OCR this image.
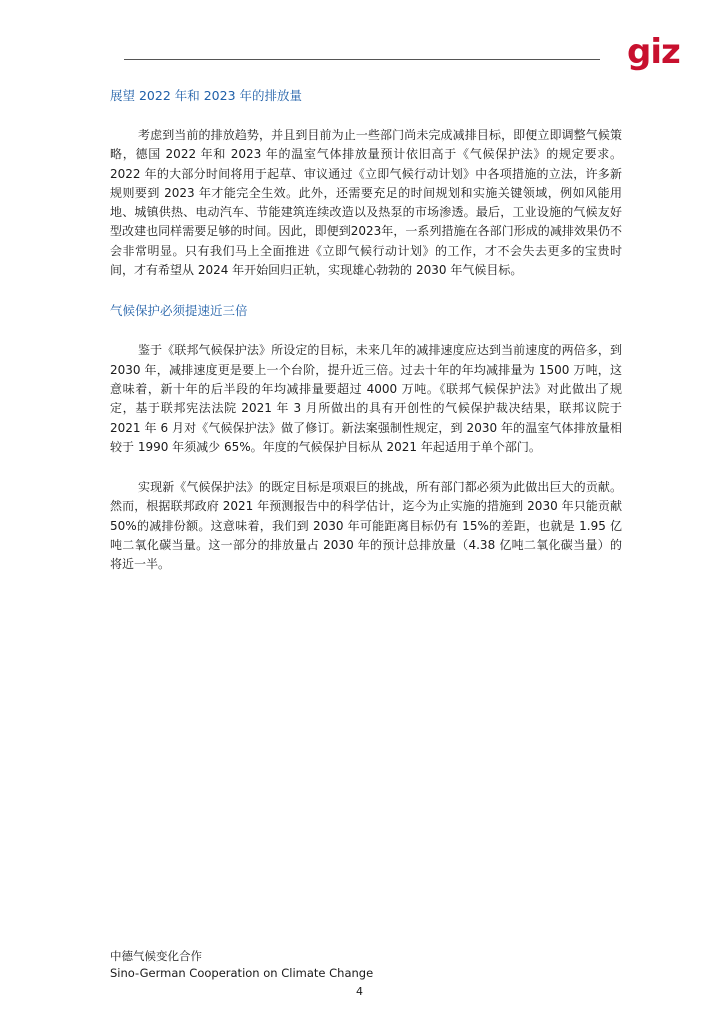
giz
展望 2022 年和 2023 年的排放量

考虑到当前的排放趋势，并且到目前为止一些部门尚未完成减排目标，即便立即调整气候策略，德国 2022 年和 2023 年的温室气体排放量预计依旧高于《气候保护法》的规定要求。2022 年的大部分时间将用于起草、审议通过《立即气候行动计划》中各项措施的立法，许多新规则要到 2023 年才能完全生效。此外，还需要充足的时间规划和实施关键领域，例如风能用地、城镇供热、电动汽车、节能建筑连续改造以及热泵的市场渗透。最后，工业设施的气候友好型改建也同样需要足够的时间。因此，即便到2023年，一系列措施在各部门形成的减排效果仍不会非常明显。只有我们马上全面推进《立即气候行动计划》的工作，才不会失去更多的宝贵时间，才有希望从 2024 年开始回归正轨，实现雄心勃勃的 2030 年气候目标。

气候保护必须提速近三倍

鉴于《联邦气候保护法》所设定的目标，未来几年的减排速度应达到当前速度的两倍多，到 2030 年，减排速度更是要上一个台阶，提升近三倍。过去十年的年均减排量为 1500 万吨，这意味着，新十年的后半段的年均减排量要超过 4000 万吨。《联邦气候保护法》对此做出了规定，基于联邦宪法法院 2021 年 3 月所做出的具有开创性的气候保护裁决结果，联邦议院于 2021 年 6 月对《气候保护法》做了修订。新法案强制性规定，到 2030 年的温室气体排放量相较于 1990 年须减少 65%。年度的气候保护目标从 2021 年起适用于单个部门。

实现新《气候保护法》的既定目标是项艰巨的挑战，所有部门都必须为此做出巨大的贡献。然而，根据联邦政府 2021 年预测报告中的科学估计，迄今为止实施的措施到 2030 年只能贡献 50%的减排份额。这意味着，我们到 2030 年可能距离目标仍有 15%的差距，也就是 1.95 亿吨二氧化碳当量。这一部分的排放量占 2030 年的预计总排放量（4.38 亿吨二氧化碳当量）的将近一半。

中德气候变化合作
Sino-German Cooperation on Climate Change
4
